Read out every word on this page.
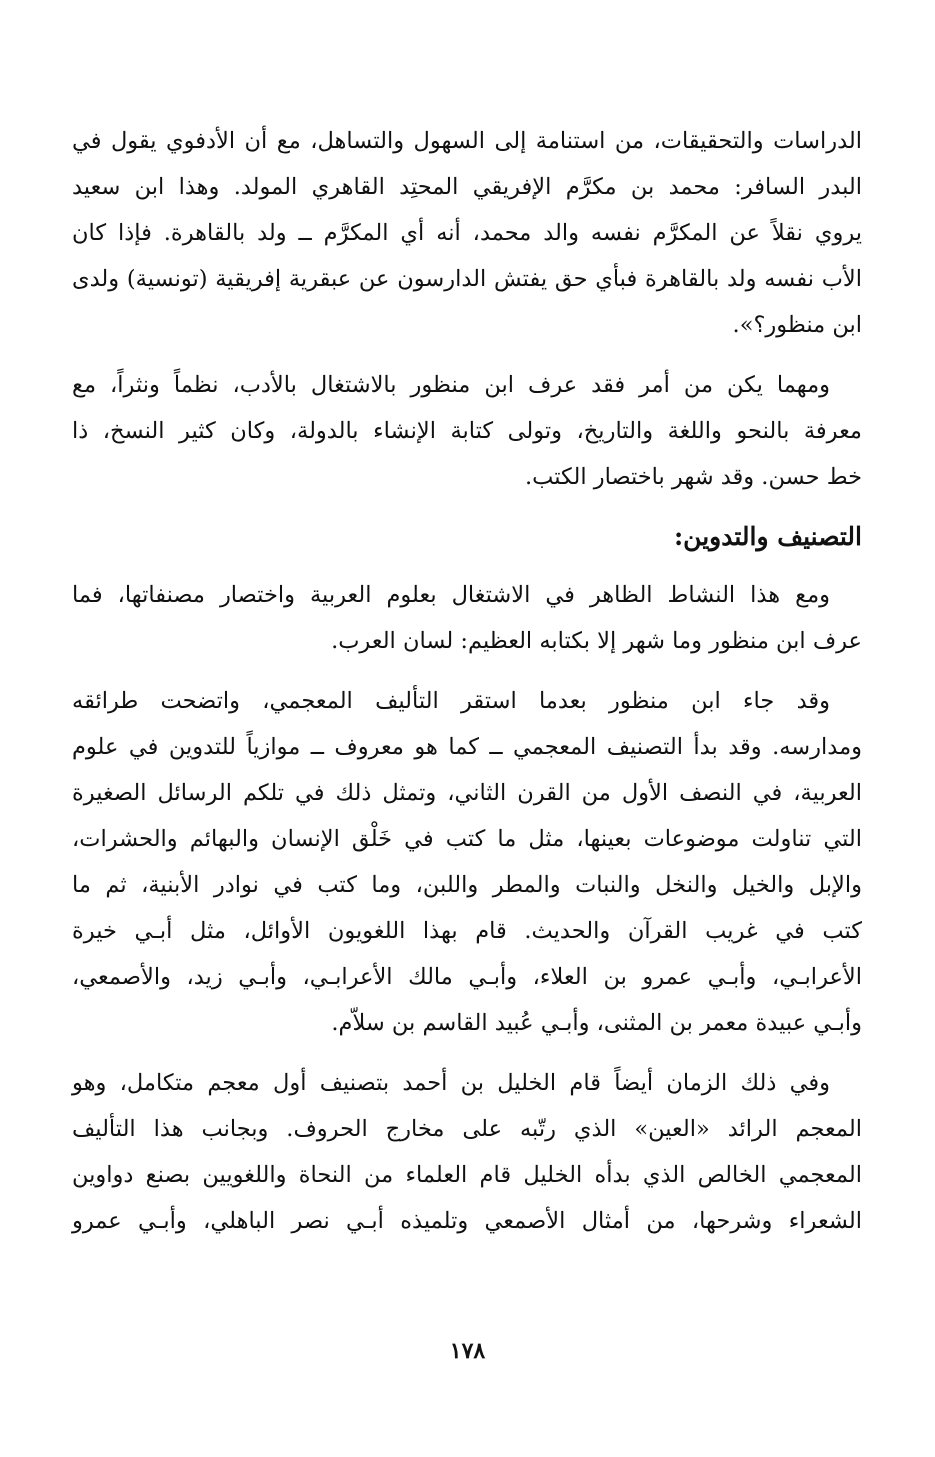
الدراسات والتحقيقات، من استنامة إلى السهول والتساهل، مع أن الأدفوي يقول في
البدر السافر: محمد بن مكرَّم الإفريقي المحتِد القاهري المولد. وهذا ابن سعيد
يروي نقلاً عن المكرَّم نفسه والد محمد، أنه أي المكرَّم ــ ولد بالقاهرة. فإذا كان
الأب نفسه ولد بالقاهرة فبأي حق يفتش الدارسون عن عبقرية إفريقية (تونسية) ولدى
ابن منظور؟».
ومهما يكن من أمر فقد عرف ابن منظور بالاشتغال بالأدب، نظماً ونثراً، مع
معرفة بالنحو واللغة والتاريخ، وتولى كتابة الإنشاء بالدولة، وكان كثير النسخ، ذا
خط حسن. وقد شهر باختصار الكتب.
التصنيف والتدوين:
ومع هذا النشاط الظاهر في الاشتغال بعلوم العربية واختصار مصنفاتها، فما
عرف ابن منظور وما شهر إلا بكتابه العظيم: لسان العرب.
وقد جاء ابن منظور بعدما استقر التأليف المعجمي، واتضحت طرائقه
ومدارسه. وقد بدأ التصنيف المعجمي ــ كما هو معروف ــ موازياً للتدوين في علوم
العربية، في النصف الأول من القرن الثاني، وتمثل ذلك في تلكم الرسائل الصغيرة
التي تناولت موضوعات بعينها، مثل ما كتب في خَلْق الإنسان والبهائم والحشرات،
والإبل والخيل والنخل والنبات والمطر واللبن، وما كتب في نوادر الأبنية، ثم ما
كتب في غريب القرآن والحديث. قام بهذا اللغويون الأوائل، مثل أبـي خيرة
الأعرابـي، وأبـي عمرو بن العلاء، وأبـي مالك الأعرابـي، وأبـي زيد، والأصمعي،
وأبـي عبيدة معمر بن المثنى، وأبـي عُبيد القاسم بن سلاّم.
وفي ذلك الزمان أيضاً قام الخليل بن أحمد بتصنيف أول معجم متكامل، وهو
المعجم الرائد «العين» الذي رتّبه على مخارج الحروف. وبجانب هذا التأليف
المعجمي الخالص الذي بدأه الخليل قام العلماء من النحاة واللغويين بصنع دواوين
الشعراء وشرحها، من أمثال الأصمعي وتلميذه أبـي نصر الباهلي، وأبـي عمرو
١٧٨
